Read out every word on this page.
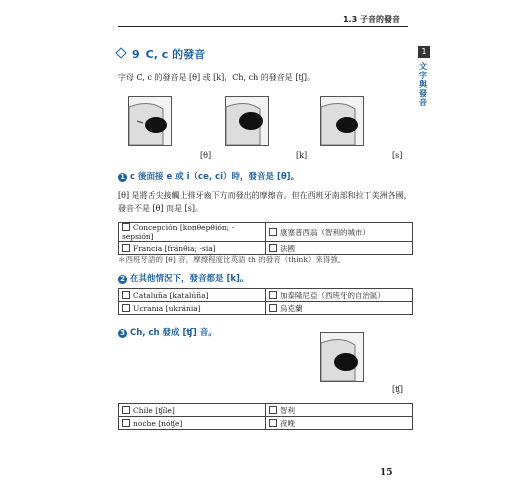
1.3 子音的發音
1
文字與發音
9 C, c 的發音
字母 C, c 的發音是 [θ] 或 [k]，Ch, ch 的發音是 [tʃ]。
[θ]	[k]	[s]
1 c 後面接 e 或 i（ce, ci）時，發音是 [θ]。
[θ] 是將舌尖接觸上排牙齒下方而發出的摩擦音。但在西班牙南部和拉丁美洲各國，發音不是 [θ] 而是 [s]。
Concepción [konθepθión; -sepsión]	康塞普西翁（智利的城市）
Francia [fránθia; -sia]	法國
＊西班牙語的 [θ] 音，摩擦程度比英語 th 的發音（think）來得強。
2 在其他情況下，發音都是 [k]。
Cataluña [katalúña]	加泰隆尼亞（西班牙的自治區）
Ucrania [ukránia]	烏克蘭
3 Ch, ch 發成 [ʧ] 音。
[ʧ]
Chile [ʧíle]	智利
noche [nóʧe]	夜晚
15
